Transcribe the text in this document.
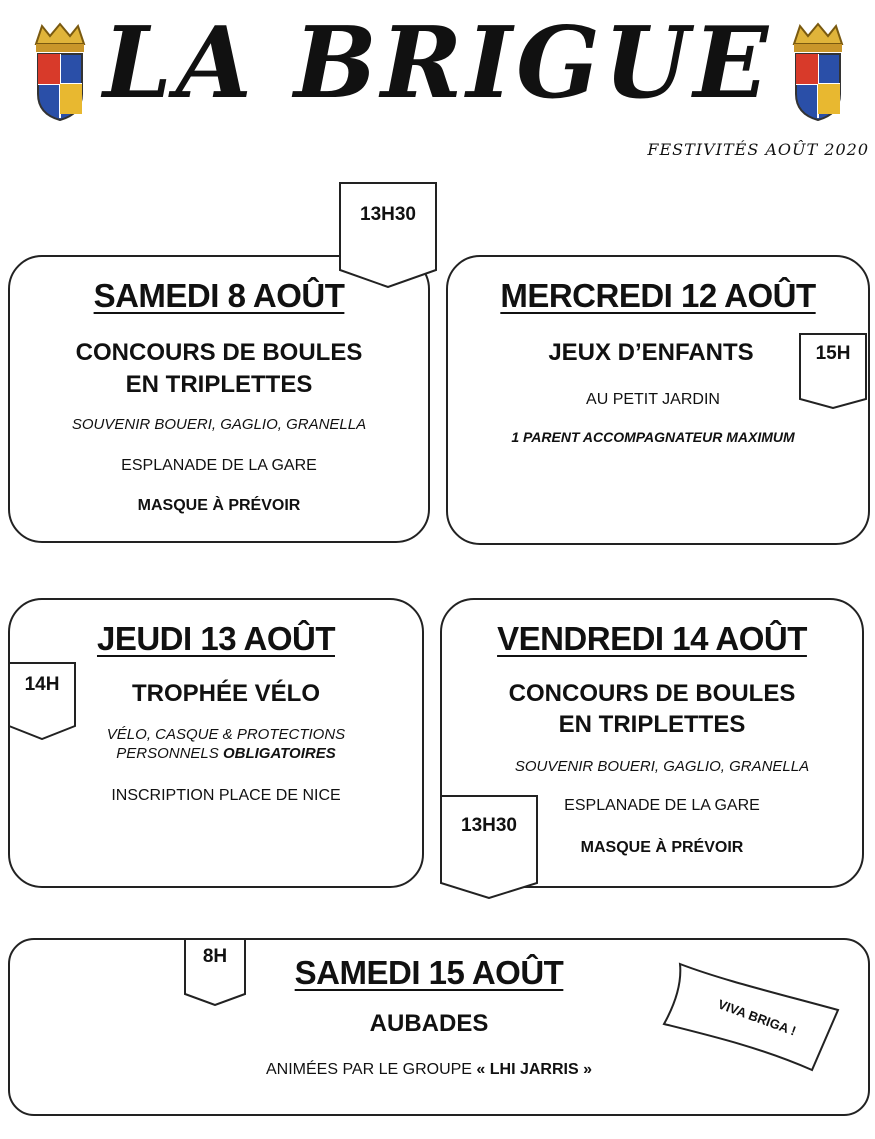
LA BRIGUE
FESTIVITÉS AOÛT 2020
SAMEDI 8 AOÛT
CONCOURS DE BOULES
EN TRIPLETTES
SOUVENIR BOUERI, GAGLIO, GRANELLA
ESPLANADE DE LA GARE
MASQUE À PRÉVOIR
13H30
MERCREDI 12 AOÛT
JEUX D’ENFANTS
AU PETIT JARDIN
1 PARENT ACCOMPAGNATEUR MAXIMUM
15H
JEUDI 13 AOÛT
TROPHÉE VÉLO
VÉLO, CASQUE & PROTECTIONS
PERSONNELS OBLIGATOIRES
INSCRIPTION PLACE DE NICE
14H
VENDREDI 14 AOÛT
CONCOURS DE BOULES
EN TRIPLETTES
SOUVENIR BOUERI, GAGLIO, GRANELLA
ESPLANADE DE LA GARE
MASQUE À PRÉVOIR
13H30
SAMEDI 15 AOÛT
AUBADES
ANIMÉES PAR LE GROUPE « LHI JARRIS »
8H
VIVA BRIGA !
